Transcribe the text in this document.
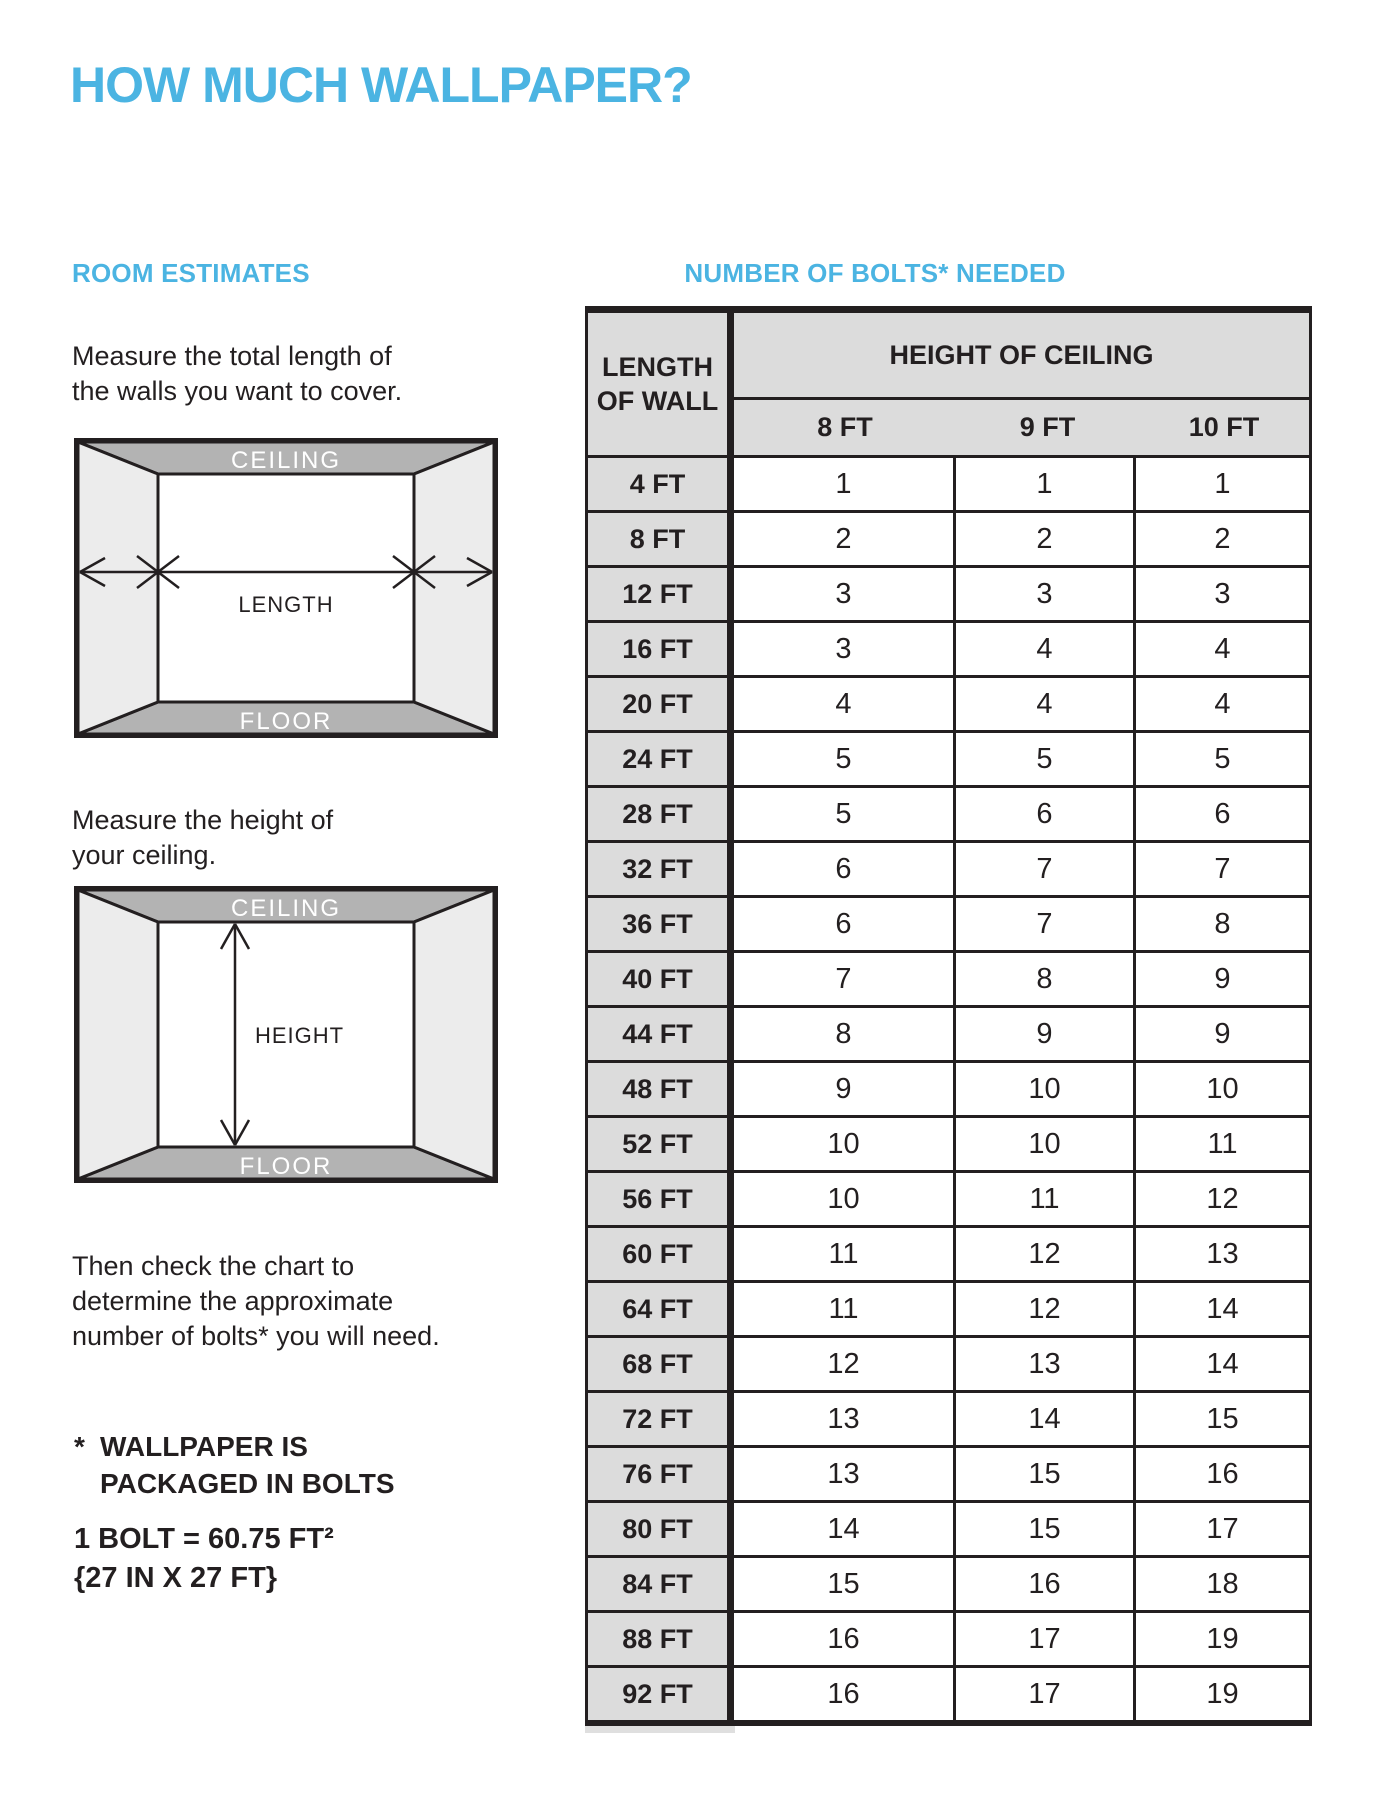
HOW MUCH WALLPAPER?
ROOM ESTIMATES

Measure the total length of
the walls you want to cover.

CEILING
FLOOR
LENGTH

Measure the height of
your ceiling.

CEILING
FLOOR
HEIGHT

Then check the chart to
determine the approximate
number of bolts* you will need.

* WALLPAPER IS
PACKAGED IN BOLTS
1 BOLT = 60.75 FT²
{27 IN X 27 FT}
NUMBER OF BOLTS* NEEDED
LENGTH
OF WALL
HEIGHT OF CEILING
8 FT	9 FT	10 FT
4 FT	1	1	1
8 FT	2	2	2
12 FT	3	3	3
16 FT	3	4	4
20 FT	4	4	4
24 FT	5	5	5
28 FT	5	6	6
32 FT	6	7	7
36 FT	6	7	8
40 FT	7	8	9
44 FT	8	9	9
48 FT	9	10	10
52 FT	10	10	11
56 FT	10	11	12
60 FT	11	12	13
64 FT	11	12	14
68 FT	12	13	14
72 FT	13	14	15
76 FT	13	15	16
80 FT	14	15	17
84 FT	15	16	18
88 FT	16	17	19
92 FT	16	17	19
